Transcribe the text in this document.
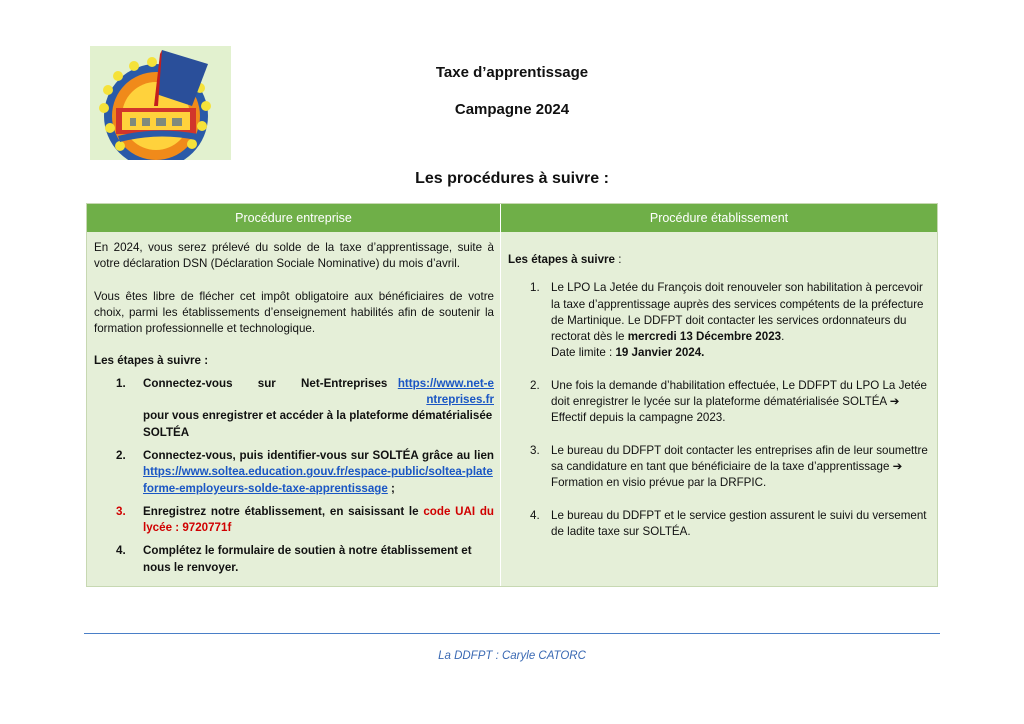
Taxe d’apprentissage
Campagne 2024
Les procédures à suivre :
Procédure entreprise	Procédure établissement

En 2024, vous serez prélevé du solde de la taxe d’apprentissage, suite à votre déclaration DSN (Déclaration Sociale Nominative) du mois d’avril.

Vous êtes libre de flécher cet impôt obligatoire aux bénéficiaires de votre choix, parmi les établissements d’enseignement habilités afin de soutenir la formation professionnelle et technologique.

Les étapes à suivre :

1. Connectez-vous sur Net-Entreprises https://www.net-entreprises.fr
pour vous enregistrer et accéder à la plateforme dématérialisée SOLTÉA
2. Connectez-vous, puis identifier-vous sur SOLTÉA grâce au lien https://www.soltea.education.gouv.fr/espace-public/soltea-plateforme-employeurs-solde-taxe-apprentissage ;
3. Enregistrez notre établissement, en saisissant le code UAI du lycée : 9720771f
4. Complétez le formulaire de soutien à notre établissement et nous le renvoyer.

Les étapes à suivre :

1. Le LPO La Jetée du François doit renouveler son habilitation à percevoir la taxe d’apprentissage auprès des services compétents de la préfecture de Martinique. Le DDFPT doit contacter les services ordonnateurs du rectorat dès le mercredi 13 Décembre 2023.
Date limite : 19 Janvier 2024.
2. Une fois la demande d’habilitation effectuée, Le DDFPT du LPO La Jetée doit enregistrer le lycée sur la plateforme dématérialisée SOLTÉA ➔ Effectif depuis la campagne 2023.
3. Le bureau du DDFPT doit contacter les entreprises afin de leur soumettre sa candidature en tant que bénéficiaire de la taxe d’apprentissage ➔ Formation en visio prévue par la DRFPIC.
4. Le bureau du DDFPT et le service gestion assurent le suivi du versement de ladite taxe sur SOLTÉA.
La DDFPT : Caryle CATORC
